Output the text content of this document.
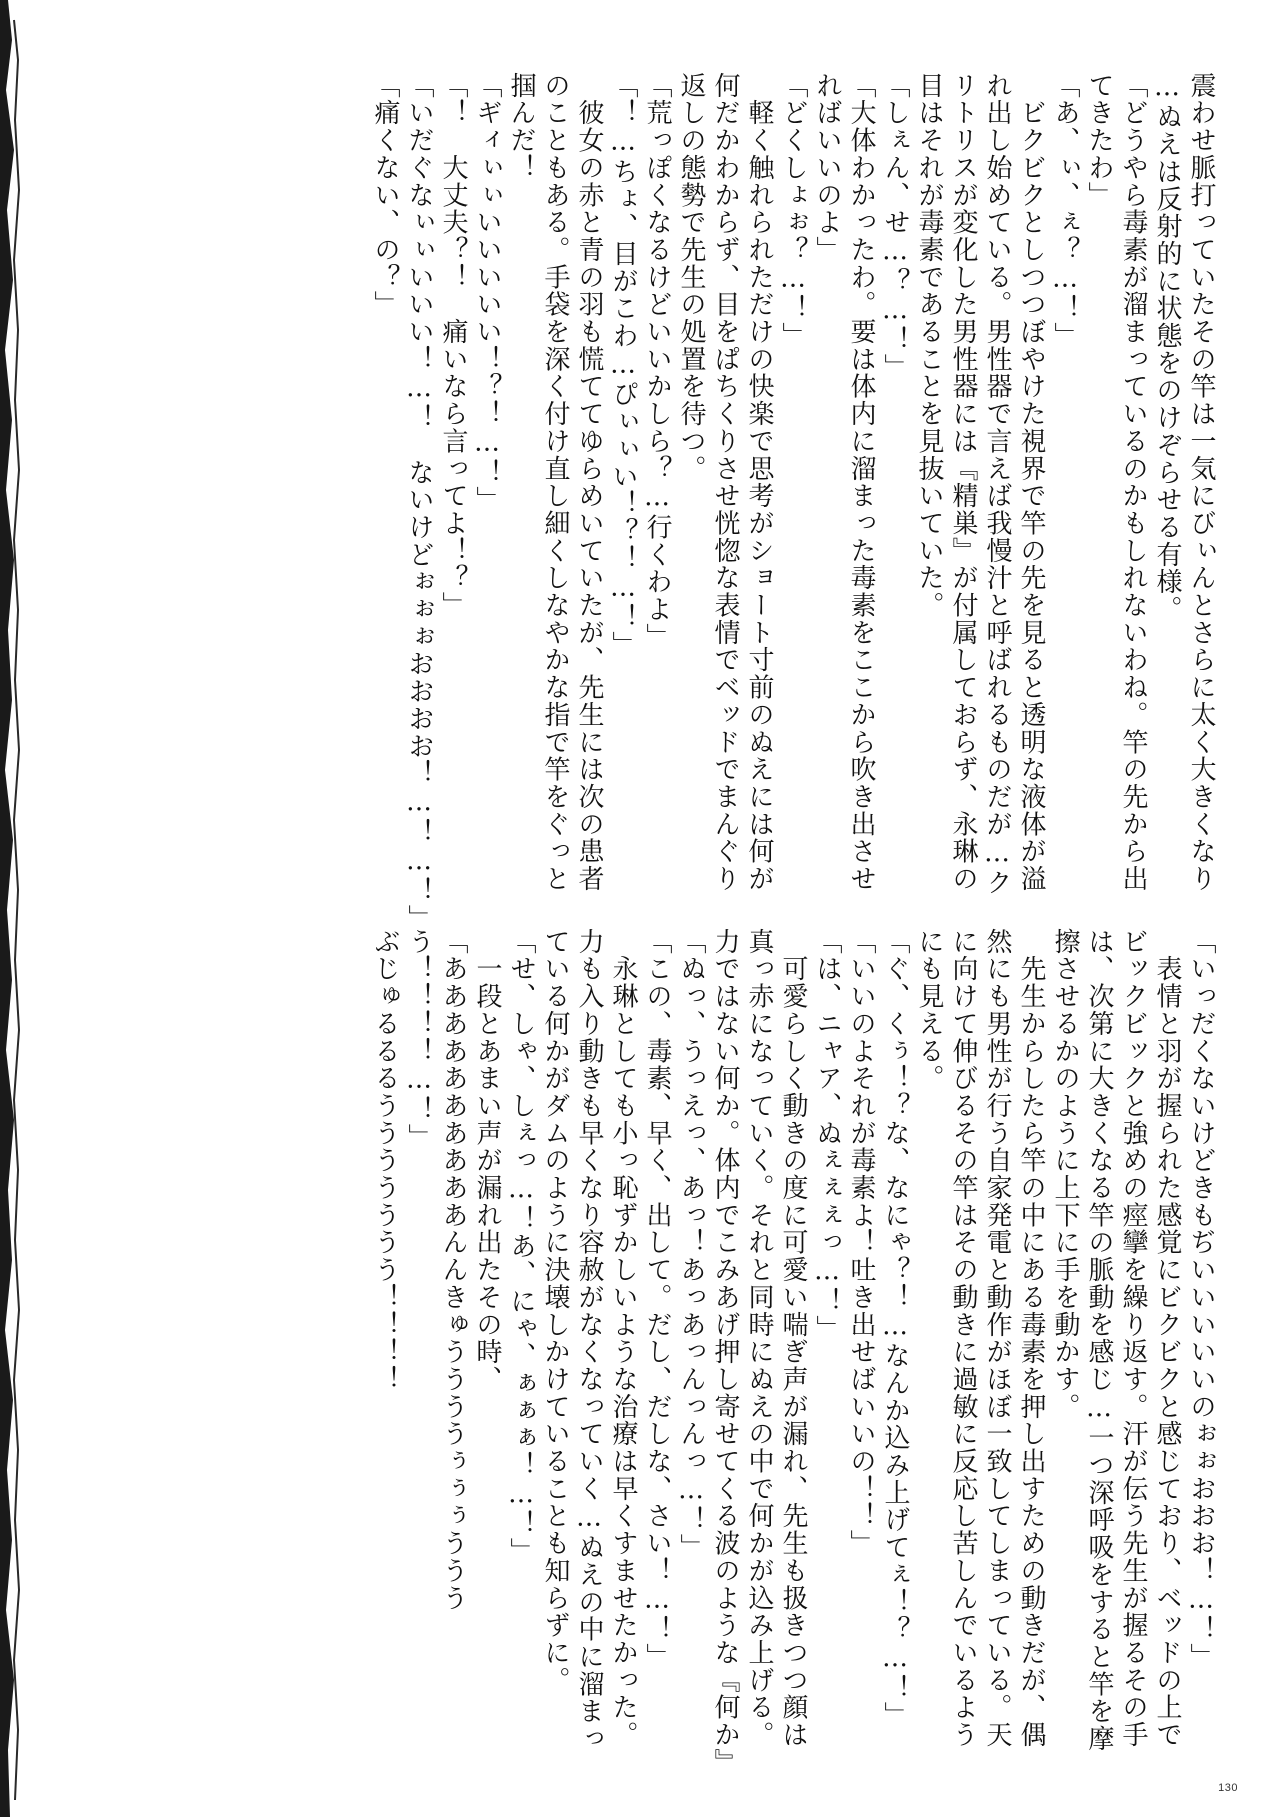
震わせ脈打っていたその竿は一気にびぃんとさらに太く大きくなり
…ぬえは反射的に状態をのけぞらせる有様。
「どうやら毒素が溜まっているのかもしれないわね。竿の先から出
てきたわ」
「あ、ぃ、ぇ？…！」
　ビクビクとしつつぼやけた視界で竿の先を見ると透明な液体が溢
れ出し始めている。男性器で言えば我慢汁と呼ばれるものだが…ク
リトリスが変化した男性器には『精巣』が付属しておらず、永琳の
目はそれが毒素であることを見抜いていた。
「しぇん、せ…？…！」
「大体わかったわ。要は体内に溜まった毒素をここから吹き出させ
ればいいのよ」
「どくしょぉ？…！」
　軽く触れられただけの快楽で思考がショート寸前のぬえには何が
何だかわからず、目をぱちくりさせ恍惚な表情でベッドでまんぐり
返しの態勢で先生の処置を待つ。
「荒っぽくなるけどいいかしら？…行くわよ」
「！…ちょ、目がこわ…ぴぃぃい！？！…！」
　彼女の赤と青の羽も慌ててゆらめいていたが、先生には次の患者
のこともある。手袋を深く付け直し細くしなやかな指で竿をぐっと
掴んだ！
「ギィぃぃいいいいい！？！…！」
「！　大丈夫？！　痛いなら言ってよ！？」
「いだぐなぃぃいいい！…！　ないけどぉぉぉおおおお！…！…！」
「痛くない、の？」
「いっだくないけどきもぢいいいいいのぉぉおおお！…！」
　表情と羽が握られた感覚にビクビクと感じており、ベッドの上で
ビックビックと強めの痙攣を繰り返す。汗が伝う先生が握るその手
は、次第に大きくなる竿の脈動を感じ…一つ深呼吸をすると竿を摩
擦させるかのように上下に手を動かす。
　先生からしたら竿の中にある毒素を押し出すための動きだが、偶
然にも男性が行う自家発電と動作がほぼ一致してしまっている。天
に向けて伸びるその竿はその動きに過敏に反応し苦しんでいるよう
にも見える。
「ぐ、くぅ！？な、なにゃ？！…なんか込み上げてぇ！？…！」
「いいのよそれが毒素よ！吐き出せばいいの！！」
「は、ニャア、ぬぇぇぇっ…！」
　可愛らしく動きの度に可愛い喘ぎ声が漏れ、先生も扱きつつ顔は
真っ赤になっていく。それと同時にぬえの中で何かが込み上げる。
力ではない何か。体内でこみあげ押し寄せてくる波のような『何か』
「ぬっ、うっえっ、あっ！あっあっんっんっ…！」
「この、毒素、早く、出して。だし、だしな、さい！…！」
　永琳としても小っ恥ずかしいような治療は早くすませたかった。
力も入り動きも早くなり容赦がなくなっていく…ぬえの中に溜まっ
ている何かがダムのように決壊しかけていることも知らずに。
「せ、しゃ、しぇっ…！あ、にゃ、ぁぁぁ！…！」
　一段とあまい声が漏れ出たその時、
「ああああああああああんんきゅううううぅぅぅううう
う！！！！…！」
ぶじゅるるるううううううう！！！！
130
